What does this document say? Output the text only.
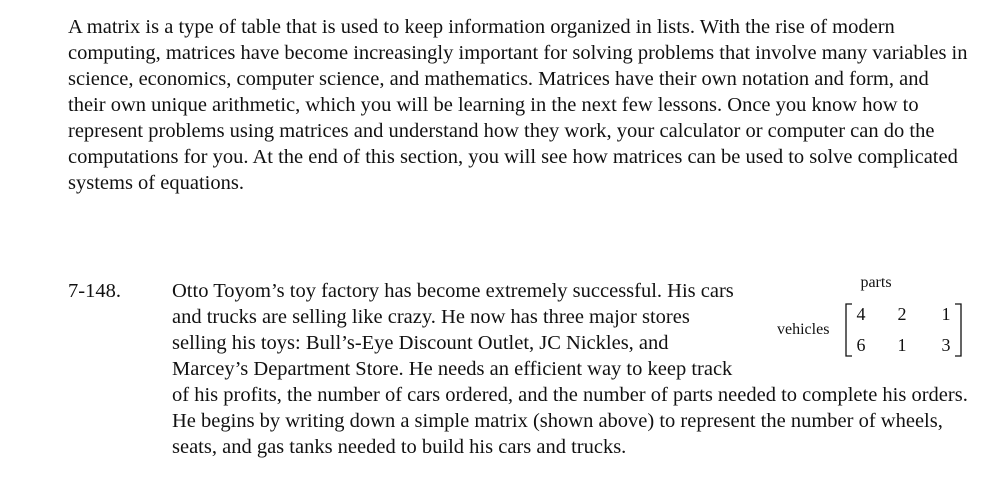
A matrix is a type of table that is used to keep information organized in lists. With the rise of modern computing, matrices have become increasingly important for solving problems that involve many variables in science, economics, computer science, and mathematics. Matrices have their own notation and form, and their own unique arithmetic, which you will be learning in the next few lessons. Once you know how to represent problems using matrices and understand how they work, your calculator or computer can do the computations for you. At the end of this section, you will see how matrices can be used to solve complicated systems of equations.
7-148. Otto Toyom’s toy factory has become extremely successful. His cars and trucks are selling like crazy. He now has three major stores selling his toys: Bull’s-Eye Discount Outlet, JC Nickles, and Marcey’s Department Store. He needs an efficient way to keep track of his profits, the number of cars ordered, and the number of parts needed to complete his orders. He begins by writing down a simple matrix (shown above) to represent the number of wheels, seats, and gas tanks needed to build his cars and trucks.
parts
vehicles
4 2 1
6 1 3
